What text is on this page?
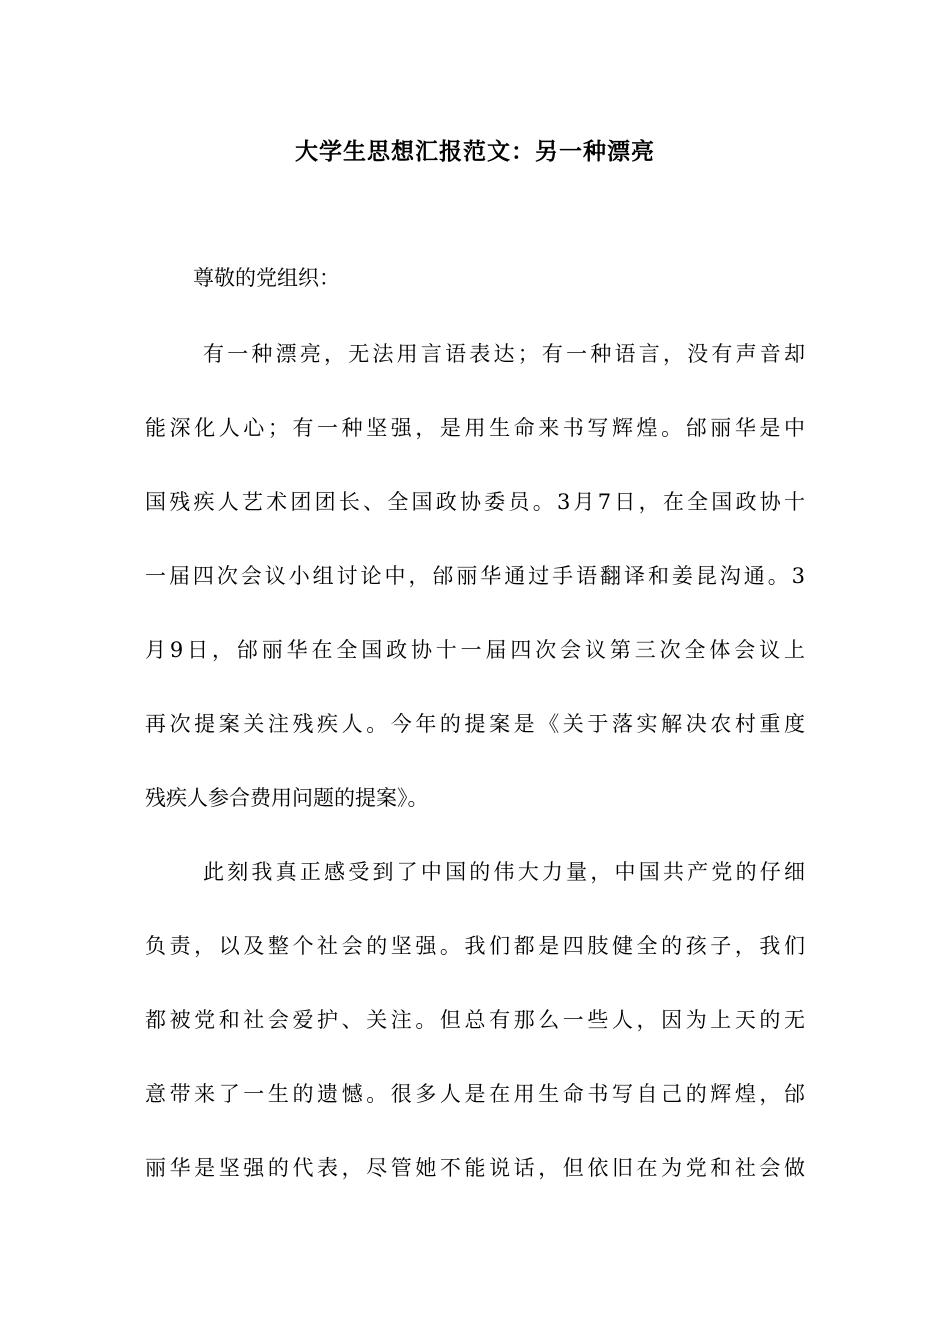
大学生思想汇报范文：另一种漂亮

尊敬的党组织：

有一种漂亮，无法用言语表达；有一种语言，没有声音却
能深化人心；有一种坚强，是用生命来书写辉煌。邰丽华是中
国残疾人艺术团团长、全国政协委员。3月7日，在全国政协十
一届四次会议小组讨论中，邰丽华通过手语翻译和姜昆沟通。3
月9日，邰丽华在全国政协十一届四次会议第三次全体会议上
再次提案关注残疾人。今年的提案是《关于落实解决农村重度
残疾人参合费用问题的提案》。
此刻我真正感受到了中国的伟大力量，中国共产党的仔细
负责，以及整个社会的坚强。我们都是四肢健全的孩子，我们
都被党和社会爱护、关注。但总有那么一些人，因为上天的无
意带来了一生的遗憾。很多人是在用生命书写自己的辉煌，邰
丽华是坚强的代表，尽管她不能说话，但依旧在为党和社会做
